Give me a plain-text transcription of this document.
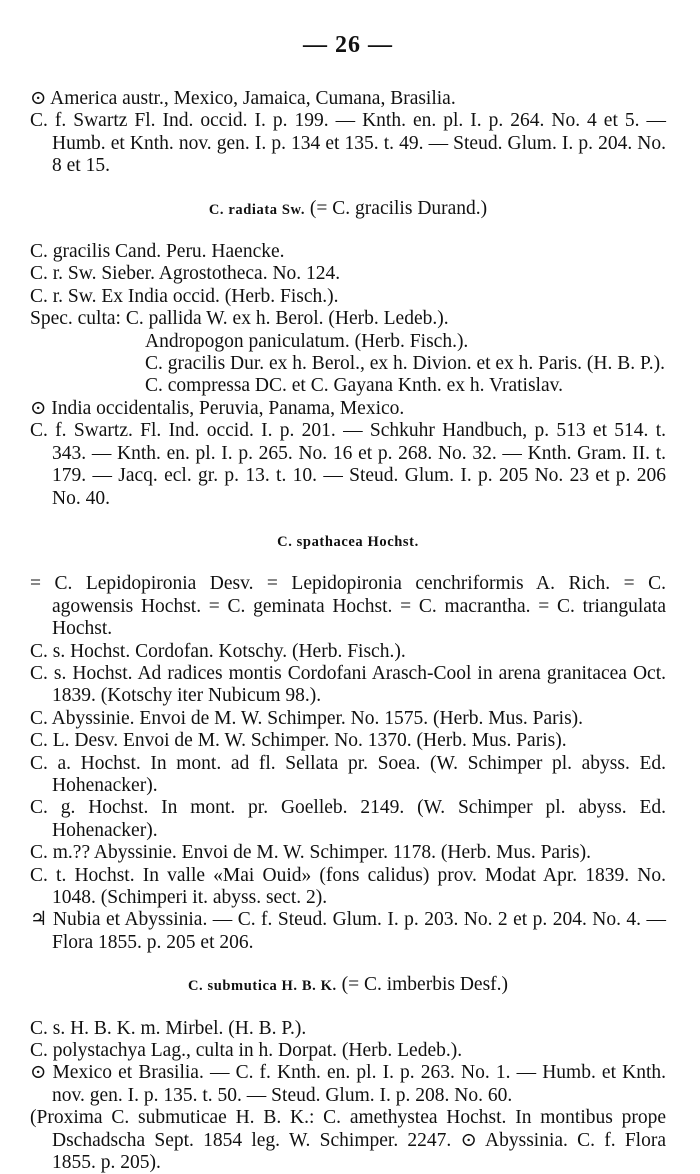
— 26 —

⊙ America austr., Mexico, Jamaica, Cumana, Brasilia.

C. f. Swartz Fl. Ind. occid. I. p. 199. — Knth. en. pl. I. p. 264. No. 4 et 5. — Humb. et Knth. nov. gen. I. p. 134 et 135. t. 49. — Steud. Glum. I. p. 204. No. 8 et 15.

C. radiata Sw. (= C. gracilis Durand.)

C. gracilis Cand. Peru. Haencke.

C. r. Sw. Sieber. Agrostotheca. No. 124.

C. r. Sw. Ex India occid. (Herb. Fisch.).

Spec. culta: C. pallida W. ex h. Berol. (Herb. Ledeb.).

Andropogon paniculatum. (Herb. Fisch.).

C. gracilis Dur. ex h. Berol., ex h. Divion. et ex h. Paris. (H. B. P.).

C. compressa DC. et C. Gayana Knth. ex h. Vratislav.

⊙ India occidentalis, Peruvia, Panama, Mexico.

C. f. Swartz. Fl. Ind. occid. I. p. 201. — Schkuhr Handbuch, p. 513 et 514. t. 343. — Knth. en. pl. I. p. 265. No. 16 et p. 268. No. 32. — Knth. Gram. II. t. 179. — Jacq. ecl. gr. p. 13. t. 10. — Steud. Glum. I. p. 205 No. 23 et p. 206 No. 40.

C. spathacea Hochst.

= C. Lepidopironia Desv. = Lepidopironia cenchriformis A. Rich. = C. agowensis Hochst. = C. geminata Hochst. = C. macrantha. = C. triangulata Hochst.

C. s. Hochst. Cordofan. Kotschy. (Herb. Fisch.).

C. s. Hochst. Ad radices montis Cordofani Arasch-Cool in arena granitacea Oct. 1839. (Kotschy iter Nubicum 98.).

C. Abyssinie. Envoi de M. W. Schimper. No. 1575. (Herb. Mus. Paris).

C. L. Desv. Envoi de M. W. Schimper. No. 1370. (Herb. Mus. Paris).

C. a. Hochst. In mont. ad fl. Sellata pr. Soea. (W. Schimper pl. abyss. Ed. Hohenacker).

C. g. Hochst. In mont. pr. Goelleb. 2149. (W. Schimper pl. abyss. Ed. Hohenacker).

C. m.?? Abyssinie. Envoi de M. W. Schimper. 1178. (Herb. Mus. Paris).

C. t. Hochst. In valle «Mai Ouid» (fons calidus) prov. Modat Apr. 1839. No. 1048. (Schimperi it. abyss. sect. 2).

♃ Nubia et Abyssinia. — C. f. Steud. Glum. I. p. 203. No. 2 et p. 204. No. 4. — Flora 1855. p. 205 et 206.

C. submutica H. B. K. (= C. imberbis Desf.)

C. s. H. B. K. m. Mirbel. (H. B. P.).

C. polystachya Lag., culta in h. Dorpat. (Herb. Ledeb.).

⊙ Mexico et Brasilia. — C. f. Knth. en. pl. I. p. 263. No. 1. — Humb. et Knth. nov. gen. I. p. 135. t. 50. — Steud. Glum. I. p. 208. No. 60.

(Proxima C. submuticae H. B. K.: C. amethystea Hochst. In montibus prope Dschadscha Sept. 1854 leg. W. Schimper. 2247. ⊙ Abyssinia. C. f. Flora 1855. p. 205).
